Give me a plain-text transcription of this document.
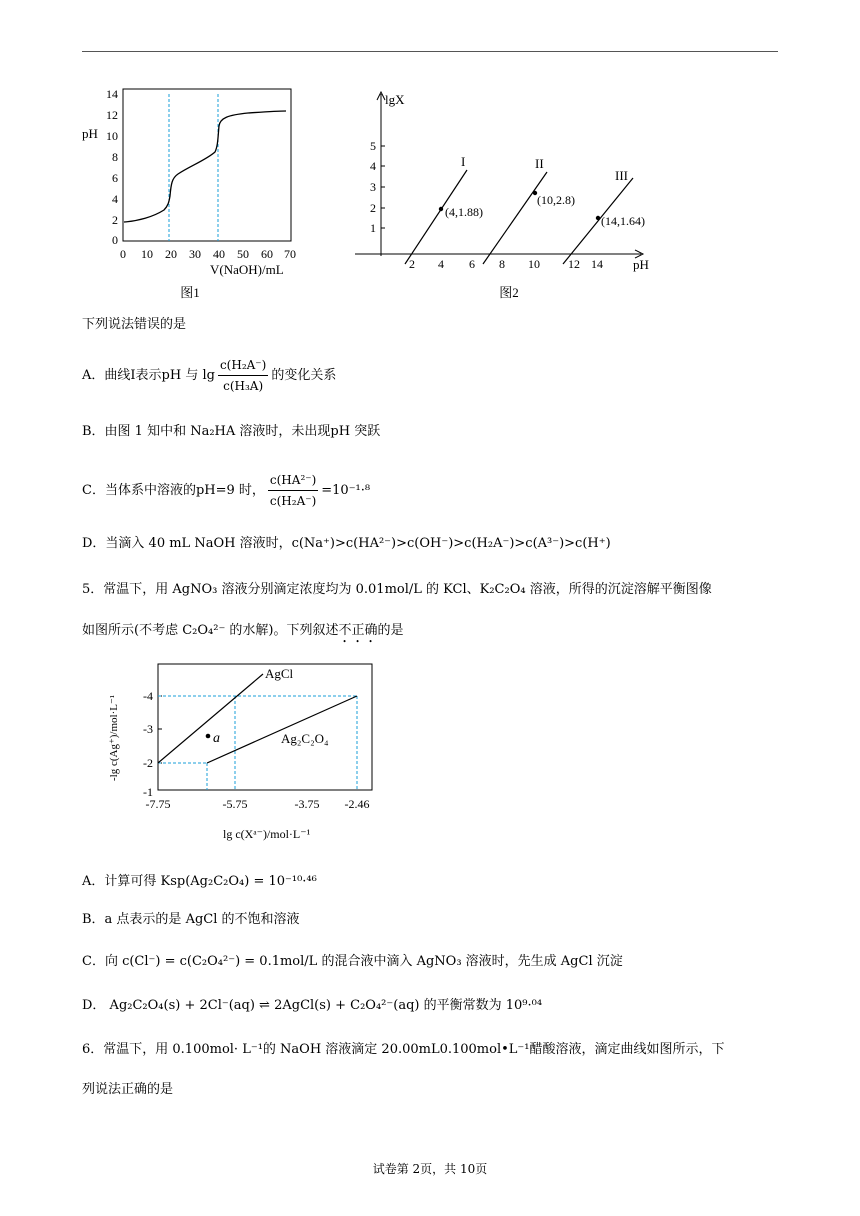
pH
14
12
10
8
6
4
2
0
0 10 20 30 40 50 60 70
V(NaOH)/mL
图1
lgX
5
4
3
2
1
2 4 6 8 10 12 14 pH
I	II
III
(4,1.88)
(10,2.8)
(14,1.64)
图2
下列说法错误的是
A．曲线I表示pH 与 $\lg \frac{\text{c(H₂A⁻)}}{\text{c(H₃A)}}$ 的变化关系
B．由图 1 知中和 Na₂HA 溶液时，未出现pH 突跃
C．当体系中溶液的pH=9 时， $\frac{\text{c(HA²⁻)}}{\text{c(H₂A⁻)}} =10^{-1}\cdot^8$
D．当滴入 40 mL NaOH 溶液时，c(Na⁺)>c(HA²⁻)>c(OH⁻)>c(H₂A⁻)>c(A³⁻)>c(H⁺)
5．常温下，用 AgNO₃ 溶液分别滴定浓度均为 0.01mol/L 的 KCl、K₂C₂O₄ 溶液，所得的沉淀溶解平衡图像
如图所示(不考虑 C₂O₄²⁻ 的水解)。下列叙述不正确的是
-4
-3
-2
-1
AgCl
Ag₂C₂O₄
a
-7.75	-5.75	-3.75 -2.46
-lg c(Ag⁺)/mol·L⁻¹
lg c(Xᵃ⁻)/mol·L⁻¹
A．计算可得 Ksp(Ag₂C₂O₄) = 10⁻¹⁰·⁴⁶
B．a 点表示的是 AgCl 的不饱和溶液
C．向 c(Cl⁻) = c(C₂O₄²⁻) = 0.1mol/L 的混合液中滴入 AgNO₃ 溶液时，先生成 AgCl 沉淀
D． Ag₂C₂O₄(s) + 2Cl⁻(aq) ⇌ 2AgCl(s) + C₂O₄²⁻(aq) 的平衡常数为 10⁹·⁰⁴
6．常温下，用 0.100mol· L⁻¹的 NaOH 溶液滴定 20.00mL0.100mol•L⁻¹醋酸溶液，滴定曲线如图所示，下
列说法正确的是
试卷第 2页，共 10页
